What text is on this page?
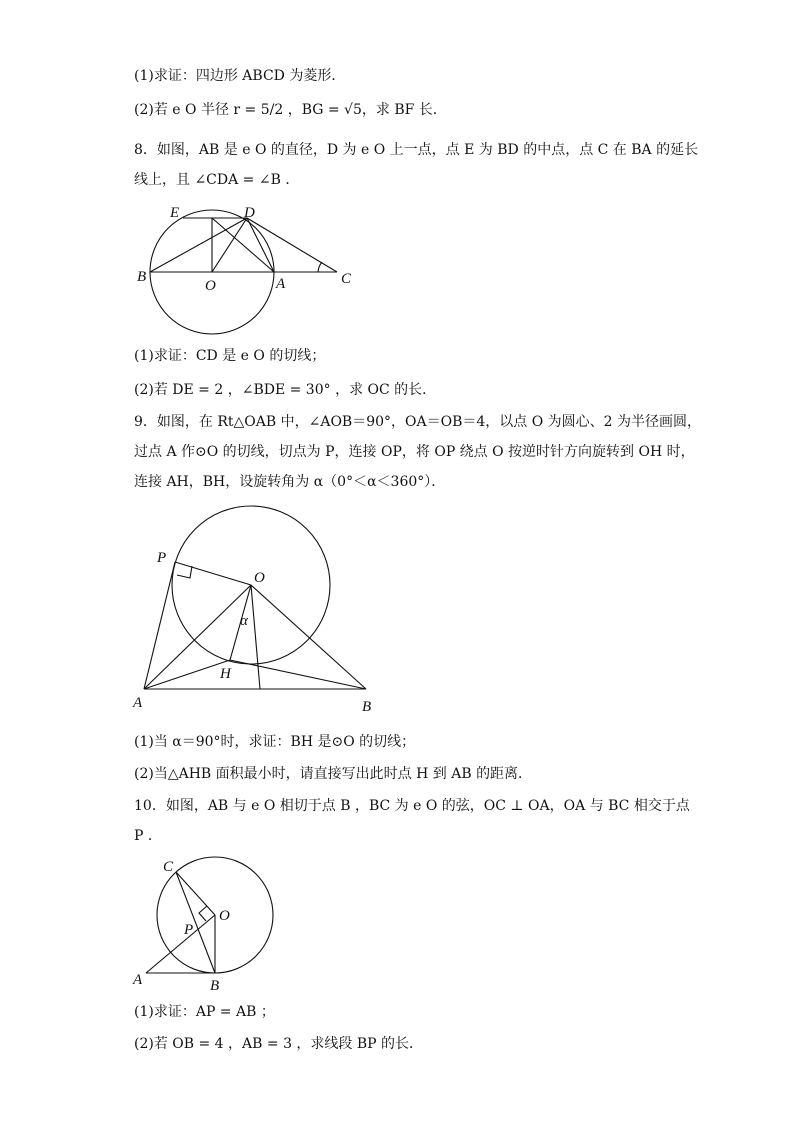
(1)求证：四边形 ABCD 为菱形．
(2)若 e O 半径 r = 5/2 ，BG = √5，求 BF 长．
8．如图，AB 是 e O 的直径，D 为 e O 上一点，点 E 为 BD 的中点，点 C 在 BA 的延长
线上，且 ∠CDA = ∠B ．
(1)求证：CD 是 e O 的切线；
(2)若 DE = 2 ，∠BDE = 30° ，求 OC 的长．
9．如图，在 Rt△OAB 中，∠AOB＝90°，OA＝OB＝4，以点 O 为圆心、2 为半径画圆，
过点 A 作⊙O 的切线，切点为 P，连接 OP，将 OP 绕点 O 按逆时针方向旋转到 OH 时，
连接 AH，BH，设旋转角为 α（0°＜α＜360°）．
(1)当 α＝90°时，求证：BH 是⊙O 的切线；
(2)当△AHB 面积最小时，请直接写出此时点 H 到 AB 的距离．
10．如图，AB 与 e O 相切于点 B ，BC 为 e O 的弦，OC ⊥ OA，OA 与 BC 相交于点
P ．
(1)求证：AP = AB ；
(2)若 OB = 4 ，AB = 3 ，求线段 BP 的长．
E	D
B
O	A	C
P
O
α
H
A	B
C
O
P
A	B
